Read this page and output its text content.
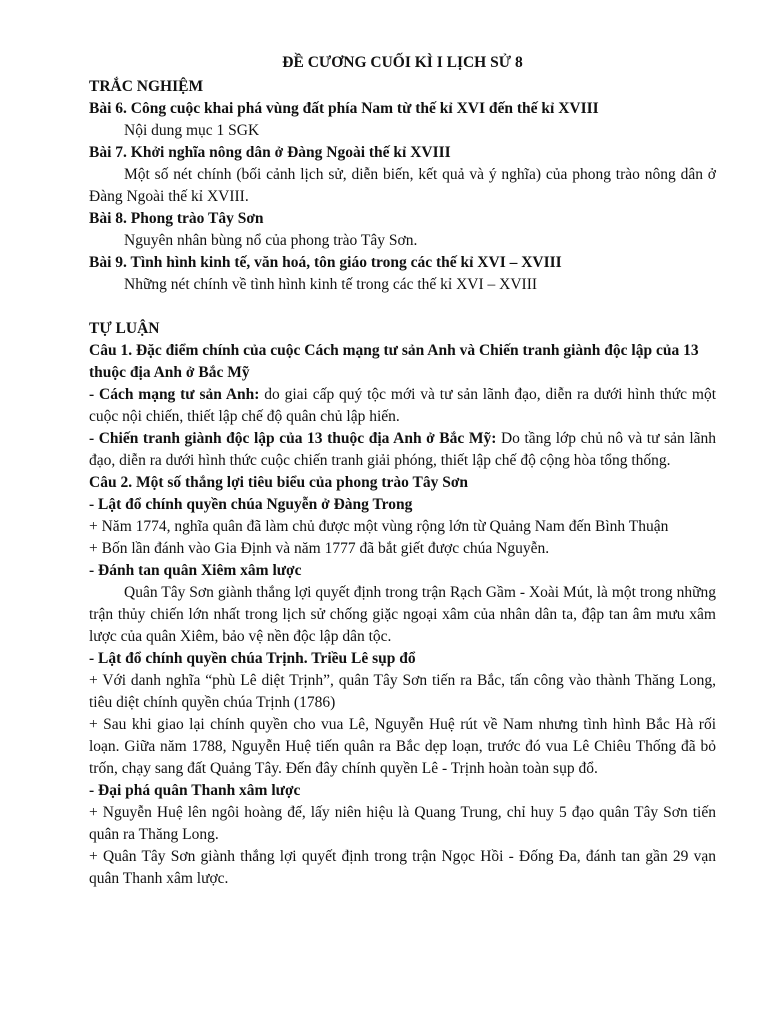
ĐỀ CƯƠNG CUỐI KÌ I LỊCH SỬ 8
TRẮC NGHIỆM
Bài 6. Công cuộc khai phá vùng đất phía Nam từ thế kỉ XVI đến thế kỉ XVIII
Nội dung mục 1 SGK
Bài 7. Khởi nghĩa nông dân ở Đàng Ngoài thế kỉ XVIII
Một số nét chính (bối cảnh lịch sử, diễn biến, kết quả và ý nghĩa) của phong trào nông dân ở Đàng Ngoài thế kỉ XVIII.
Bài 8. Phong trào Tây Sơn
Nguyên nhân bùng nổ của phong trào Tây Sơn.
Bài 9. Tình hình kinh tế, văn hoá, tôn giáo trong các thế kỉ XVI – XVIII
Những nét chính về tình hình kinh tế trong các thế kỉ XVI – XVIII
TỰ LUẬN
Câu 1. Đặc điểm chính của cuộc Cách mạng tư sản Anh và Chiến tranh giành độc lập của 13 thuộc địa Anh ở Bắc Mỹ
- Cách mạng tư sản Anh: do giai cấp quý tộc mới và tư sản lãnh đạo, diễn ra dưới hình thức một cuộc nội chiến, thiết lập chế độ quân chủ lập hiến.
- Chiến tranh giành độc lập của 13 thuộc địa Anh ở Bắc Mỹ: Do tầng lớp chủ nô và tư sản lãnh đạo, diễn ra dưới hình thức cuộc chiến tranh giải phóng, thiết lập chế độ cộng hòa tổng thống.
Câu 2. Một số thắng lợi tiêu biểu của phong trào Tây Sơn
- Lật đổ chính quyền chúa Nguyễn ở Đàng Trong
+ Năm 1774, nghĩa quân đã làm chủ được một vùng rộng lớn từ Quảng Nam đến Bình Thuận
+ Bốn lần đánh vào Gia Định và năm 1777 đã bắt giết được chúa Nguyễn.
- Đánh tan quân Xiêm xâm lược
Quân Tây Sơn giành thắng lợi quyết định trong trận Rạch Gầm - Xoài Mút, là một trong những trận thủy chiến lớn nhất trong lịch sử chống giặc ngoại xâm của nhân dân ta, đập tan âm mưu xâm lược của quân Xiêm, bảo vệ nền độc lập dân tộc.
- Lật đổ chính quyền chúa Trịnh. Triều Lê sụp đổ
+ Với danh nghĩa “phù Lê diệt Trịnh”, quân Tây Sơn tiến ra Bắc, tấn công vào thành Thăng Long, tiêu diệt chính quyền chúa Trịnh (1786)
+ Sau khi giao lại chính quyền cho vua Lê, Nguyễn Huệ rút về Nam nhưng tình hình Bắc Hà rối loạn. Giữa năm 1788, Nguyễn Huệ tiến quân ra Bắc dẹp loạn, trước đó vua Lê Chiêu Thống đã bỏ trốn, chạy sang đất Quảng Tây. Đến đây chính quyền Lê - Trịnh hoàn toàn sụp đổ.
- Đại phá quân Thanh xâm lược
+ Nguyễn Huệ lên ngôi hoàng đế, lấy niên hiệu là Quang Trung, chỉ huy 5 đạo quân Tây Sơn tiến quân ra Thăng Long.
+ Quân Tây Sơn giành thắng lợi quyết định trong trận Ngọc Hồi - Đống Đa, đánh tan gần 29 vạn quân Thanh xâm lược.
